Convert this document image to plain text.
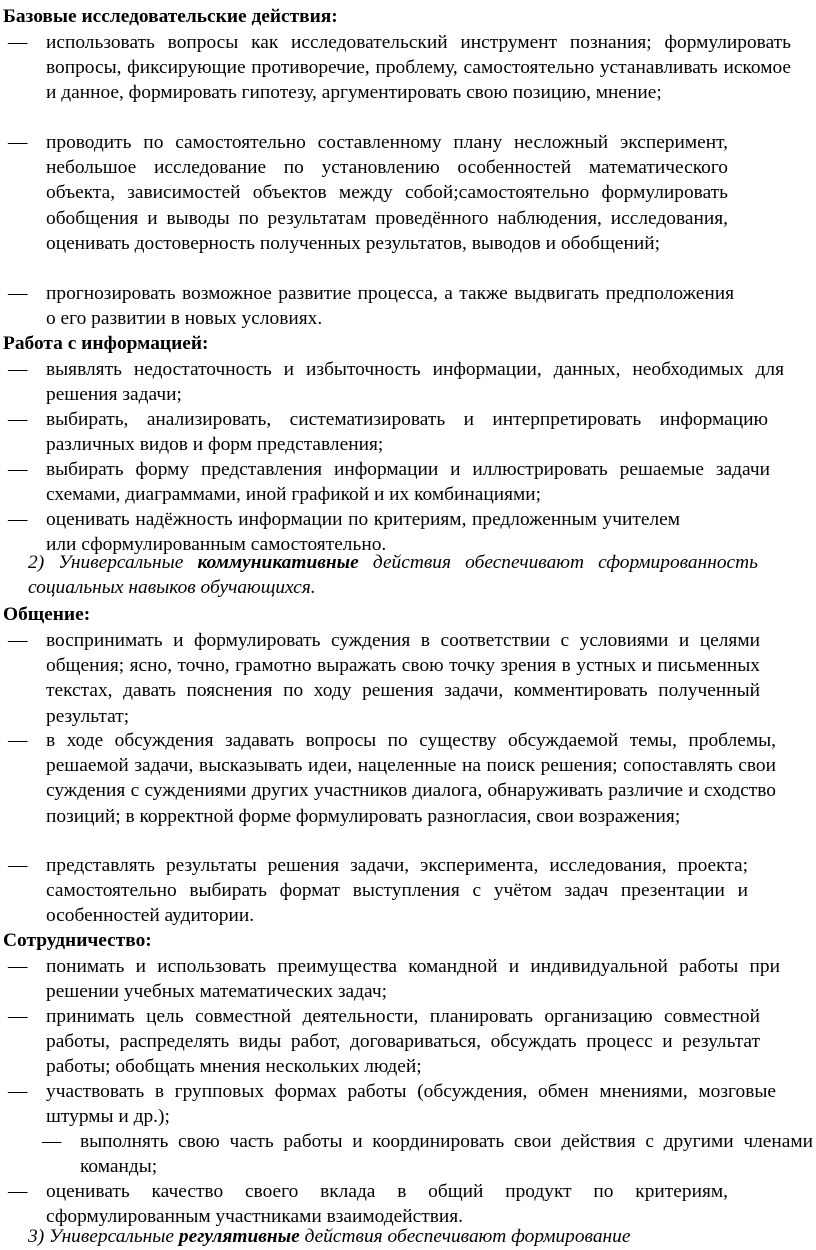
Базовые исследовательские действия:
— использовать вопросы как исследовательский инструмент познания; формулировать вопросы, фиксирующие противоречие, проблему, самостоятельно устанавливать искомое и данное, формировать гипотезу, аргументировать свою позицию, мнение;
— проводить по самостоятельно составленному плану несложный эксперимент, небольшое исследование по установлению особенностей математического объекта, зависимостей объектов между собой;самостоятельно формулировать обобщения и выводы по результатам проведённого наблюдения, исследования, оценивать достоверность полученных результатов, выводов и обобщений;
— прогнозировать возможное развитие процесса, а также выдвигать предположения о его развитии в новых условиях.
Работа с информацией:
— выявлять недостаточность и избыточность информации, данных, необходимых для решения задачи;
— выбирать, анализировать, систематизировать и интерпретировать информацию различных видов и форм представления;
— выбирать форму представления информации и иллюстрировать решаемые задачи схемами, диаграммами, иной графикой и их комбинациями;
— оценивать надёжность информации по критериям, предложенным учителем или сформулированным самостоятельно.
2) Универсальные коммуникативные действия обеспечивают сформированность социальных навыков обучающихся.
Общение:
— воспринимать и формулировать суждения в соответствии с условиями и целями общения; ясно, точно, грамотно выражать свою точку зрения в устных и письменных текстах, давать пояснения по ходу решения задачи, комментировать полученный результат;
— в ходе обсуждения задавать вопросы по существу обсуждаемой темы, проблемы, решаемой задачи, высказывать идеи, нацеленные на поиск решения; сопоставлять свои суждения с суждениями других участников диалога, обнаруживать различие и сходство позиций; в корректной форме формулировать разногласия, свои возражения;
— представлять результаты решения задачи, эксперимента, исследования, проекта; самостоятельно выбирать формат выступления с учётом задач презентации и особенностей аудитории.
Сотрудничество:
— понимать и использовать преимущества командной и индивидуальной работы при решении учебных математических задач;
— принимать цель совместной деятельности, планировать организацию совместной работы, распределять виды работ, договариваться, обсуждать процесс и результат работы; обобщать мнения нескольких людей;
— участвовать в групповых формах работы (обсуждения, обмен мнениями, мозговые штурмы и др.);
— выполнять свою часть работы и координировать свои действия с другими членами команды;
— оценивать качество своего вклада в общий продукт по критериям, сформулированным участниками взаимодействия.
3) Универсальные регулятивные действия обеспечивают формирование
